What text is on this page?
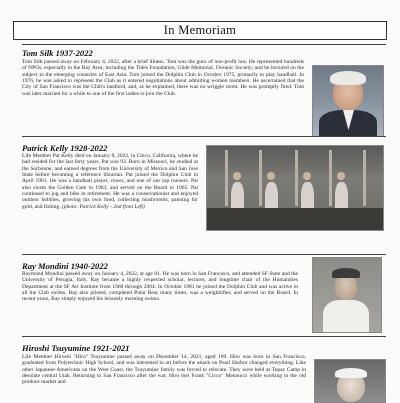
In Memoriam
Tom Silk 1937-2022
Tom Silk passed away on February 4, 2022, after a brief illness. Tom was the guru of non-profit law. He represented hundreds of NPOs, especially in the Bay Area, including the Tides Foundation, Glide Memorial, Oceanic Society; and he lectured on the subject in the emerging countries of East Asia. Tom joined the Dolphin Club in October 1975, primarily to play handball. In 1976, he was asked to represent the Club as it entered negotiations about admitting women members. He ascertained that the City of San Francisco was the Club's landlord, and, as he explained, there was no wriggle room. He was promptly fired. Tom was later married for a while to one of the first ladies to join the Club.
Patrick Kelly 1928-2022
Life Member Pat Kelly died on January 8, 2022, in Chico, California, where he had resided for the last forty years. Pat was 93. Born in Missouri, he studied at the Sorbonne, and earned degrees from the University of Mexico and San Jose State before becoming a reference librarian. Pat joined the Dolphin Club in April 1961. He was a handball player, rower, and one of our top runners. Pat also swam the Golden Gate in 1963, and served on the Board in 1965. Pat continued to jog and bike in retirement. He was a conservationist and enjoyed outdoor hobbies, growing his own food, collecting mushrooms, panning for gold, and fishing. (photo: Patrick Kelly - 2nd from Left)
Ray Mondini 1940-2022
Raymond Mondini passed away on January 4, 2022, at age 81. He was born in San Francisco, and attended SF State and the University of Perugia, Italy. Ray became a highly respected scholar, lecturer, and longtime chair of the Humanities Department at the SF Art Institute from 1968 through 2004. In October 1981 he joined the Dolphin Club and was active in all the Club swims. Ray also piloted, completed Polar Bear many times, was a weightlifter, and served on the Board. In recent years, Ray simply enjoyed his leisurely morning swims.
Hiroshi Tsuyumine 1921-2021
Life Member Hiroshi "Hiro" Tsuyumine passed away on December 14, 2021, aged 100. Hiro was born in San Francisco, graduated from Polytechnic High School, and was interested in art before the attack on Pearl Harbor changed everything. Like other Japanese-Americans on the West Coast, the Tsuyumine family was forced to relocate. They were held at Topaz Camp in desolate central Utah. Returning to San Francisco after the war, Hiro met Frank "Cicco" Mennucci while working in the old produce market and
